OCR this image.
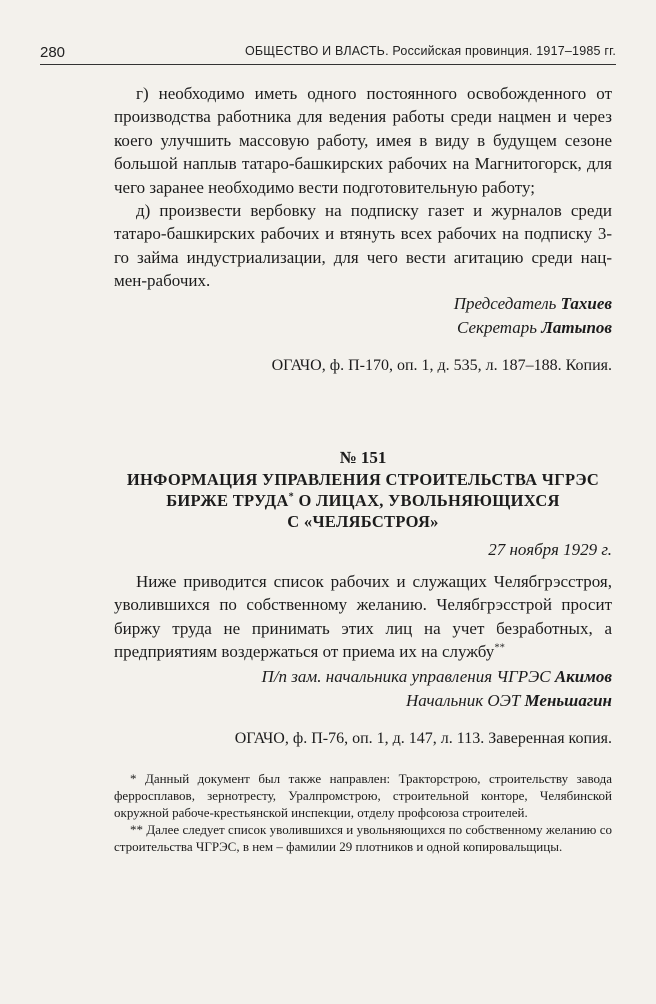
280	ОБЩЕСТВО И ВЛАСТЬ. Российская провинция. 1917–1985 гг.

г) необходимо иметь одного постоянного освобожденного от производства работника для ведения работы среди нацмен и через коего улучшить массовую работу, имея в виду в будущем сезоне большой наплыв татаро-башкирских рабочих на Магнитогорск, для чего заранее необходимо вести подготовительную работу;

д) произвести вербовку на подписку газет и журналов среди татаро-башкирских рабочих и втянуть всех рабочих на подписку 3-го займа индустриализации, для чего вести агитацию среди нац-мен-рабочих.

Председатель Тахиев
Секретарь Латыпов
ОГАЧО, ф. П-170, оп. 1, д. 535, л. 187–188. Копия.
№ 151
ИНФОРМАЦИЯ УПРАВЛЕНИЯ СТРОИТЕЛЬСТВА ЧГРЭС
БИРЖЕ ТРУДА* О ЛИЦАХ, УВОЛЬНЯЮЩИХСЯ
С «ЧЕЛЯБСТРОЯ»
27 ноября 1929 г.

Ниже приводится список рабочих и служащих Челябгрэсстроя, уволившихся по собственному желанию. Челябгрэсстрой просит биржу труда не принимать этих лиц на учет безработных, а предприятиям воздержаться от приема их на службу**

П/п зам. начальника управления ЧГРЭС Акимов
Начальник ОЭТ Меньшагин
ОГАЧО, ф. П-76, оп. 1, д. 147, л. 113. Заверенная копия.

* Данный документ был также направлен: Тракторстрою, строительству завода ферросплавов, зернотресту, Уралпромстрою, строительной конторе, Челябинской окружной рабоче-крестьянской инспекции, отделу профсоюза строителей.

** Далее следует список уволившихся и увольняющихся по собственному желанию со строительства ЧГРЭС, в нем – фамилии 29 плотников и одной копировальщицы.
